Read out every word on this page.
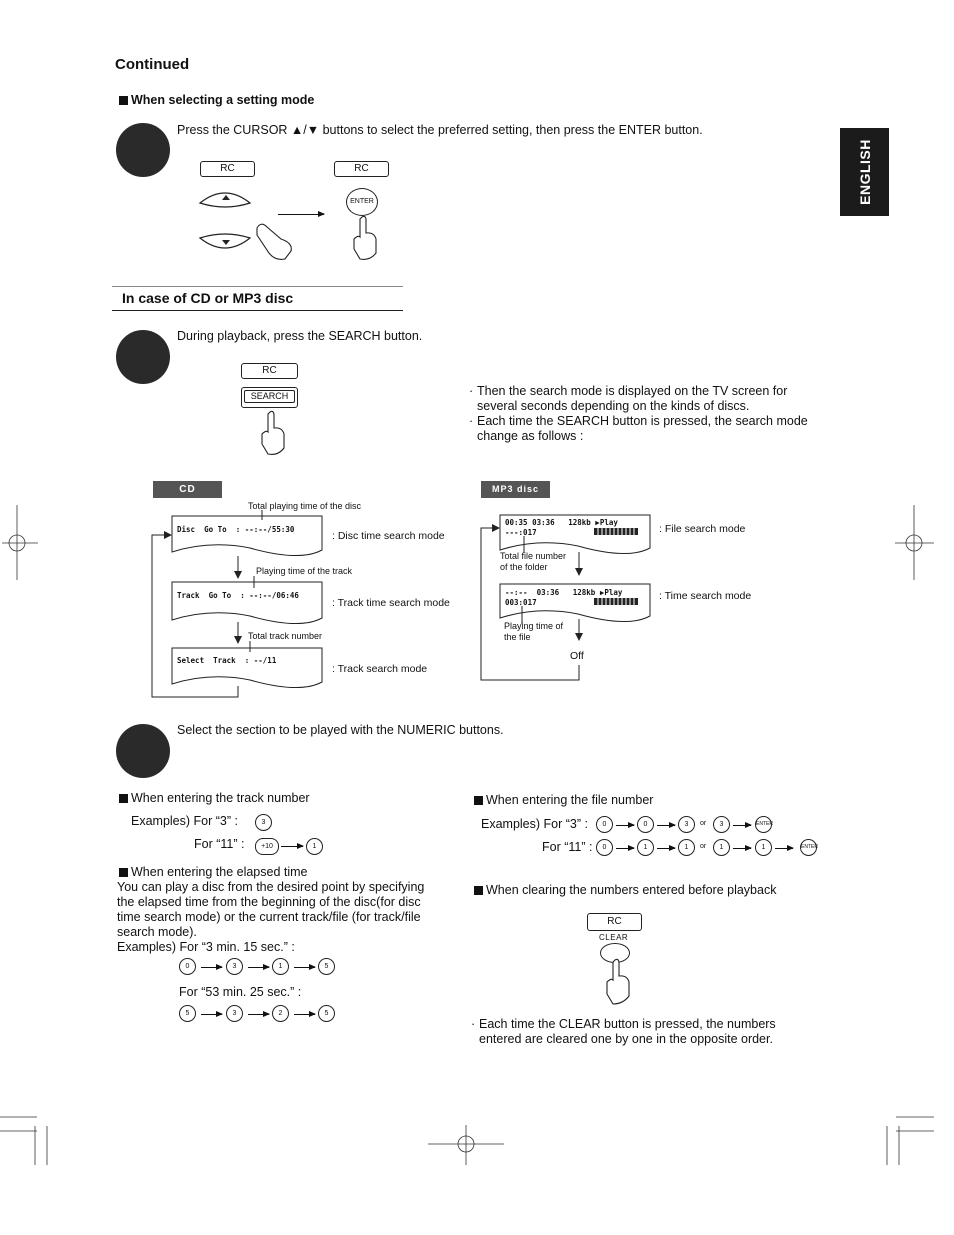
Continued
ENGLISH
When selecting a setting mode
Press the CURSOR ▲/▼ buttons to select the preferred setting, then press the ENTER button.
RC	RC
ENTER
In case of CD or MP3 disc
During playback, press the SEARCH button.
RC
SEARCH	· Then the search mode is displayed on the TV screen for several seconds depending on the kinds of discs.
· Each time the SEARCH button is pressed, the search mode change as follows :
CD
Total playing time of the disc
Disc  Go To  : --:--/55:30
: Disc time search mode
Playing time of the track
Track  Go To  : --:--/06:46
: Track time search mode
Total track number
Select  Track  : --/11
: Track search mode
MP3 disc
00:35 03:36   128kb ▶Play
---:017	: File search mode
Total file number
of the folder
--:--  03:36   128kb ▶Play
003:017
: Time search mode
Playing time of
the file
Off
Select the section to be played with the NUMERIC buttons.
When entering the track number
Examples) For “3” :	3
For “11” :	+10	1
When entering the elapsed time
You can play a disc from the desired point by specifying the elapsed time from the beginning of the disc(for disc time search mode) or the current track/file (for track/file search mode).
Examples) For “3 min. 15 sec.” :
0	3	1	5
For “53 min. 25 sec.” :
5	3	2	5
When entering the file number
Examples) For “3” :	0	0	3	or	3	ENTER
For “11” :	0	1	1	or	1	1	ENTER
When clearing the numbers entered before playback
RC
CLEAR
· Each time the CLEAR button is pressed, the numbers entered are cleared one by one in the opposite order.
